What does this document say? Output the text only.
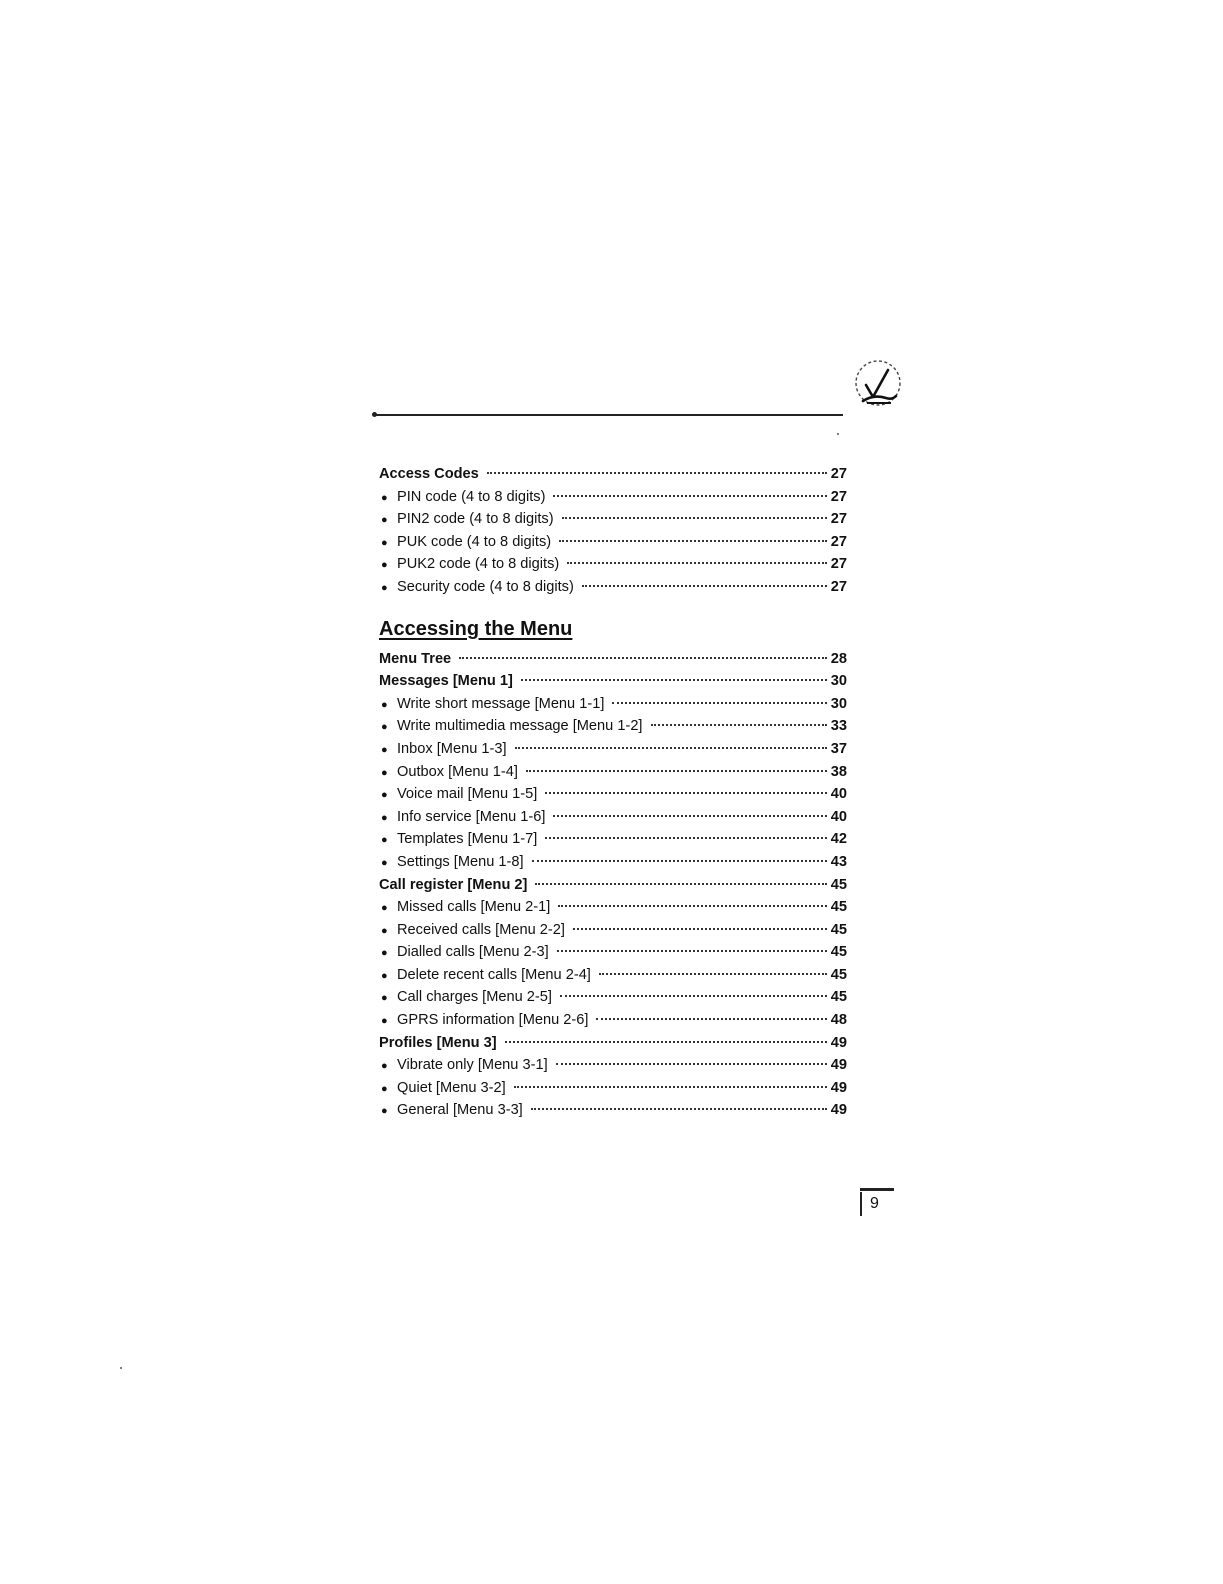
Access Codes	27
● PIN code (4 to 8 digits)	27
● PIN2 code (4 to 8 digits)	27
● PUK code (4 to 8 digits)	27
● PUK2 code (4 to 8 digits)	27
● Security code (4 to 8 digits)	27
Accessing the Menu
Menu Tree	28
Messages [Menu 1]	30
● Write short message [Menu 1-1]	30
● Write multimedia message [Menu 1-2]	33
● Inbox [Menu 1-3]	37
● Outbox [Menu 1-4]	38
● Voice mail [Menu 1-5]	40
● Info service [Menu 1-6]	40
● Templates [Menu 1-7]	42
● Settings [Menu 1-8]	43
Call register [Menu 2]	45
● Missed calls [Menu 2-1]	45
● Received calls [Menu 2-2]	45
● Dialled calls [Menu 2-3]	45
● Delete recent calls [Menu 2-4]	45
● Call charges [Menu 2-5]	45
● GPRS information [Menu 2-6]	48
Profiles [Menu 3]	49
● Vibrate only [Menu 3-1]	49
● Quiet [Menu 3-2]	49
● General [Menu 3-3]	49
9
